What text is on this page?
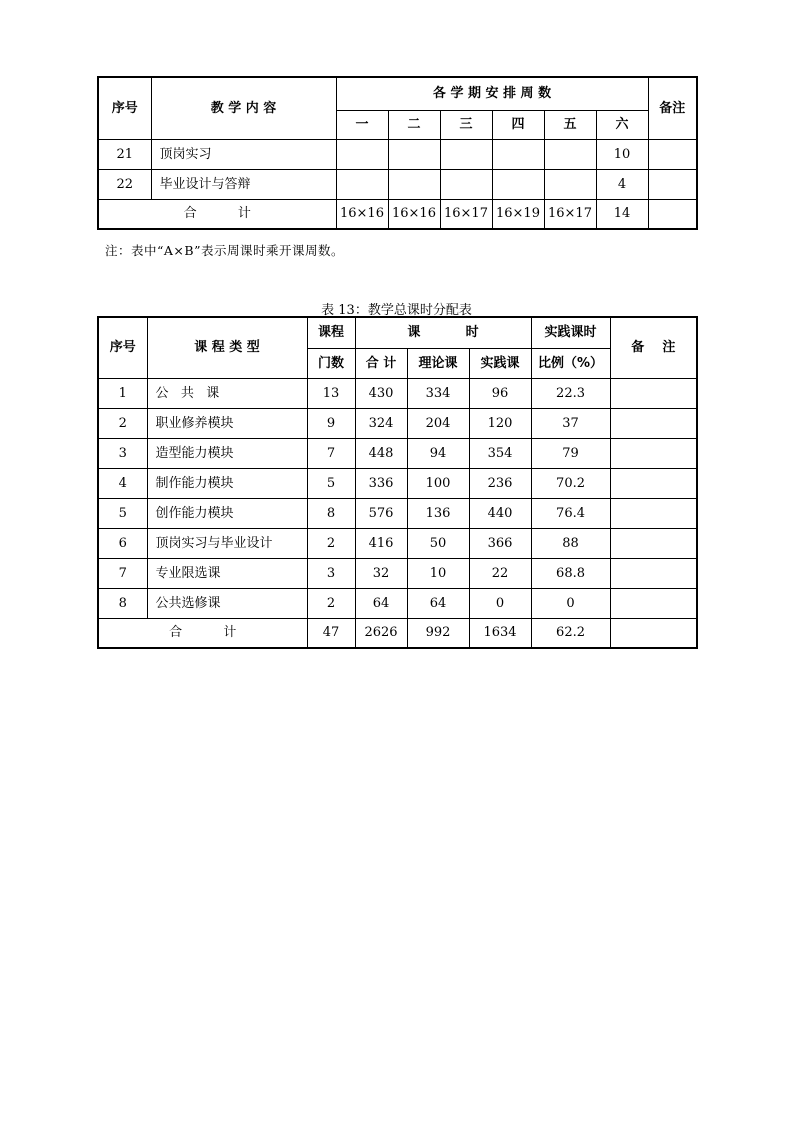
序号	教 学 内 容	各 学 期 安 排 周 数						备注
		一	二	三	四	五	六	
21	顶岗实习						10	
22	毕业设计与答辩						4	
合          计		16×16	16×16	16×17	16×19	16×17	14	
注：表中“A×B”表示周课时乘开课周数。
表 13：教学总课时分配表
序号	课 程 类 型	课程	课          时			实践课时	备    注
		门数	合 计	理论课	实践课	比例（%）	
1	公   共   课	13	430	334	96	22.3	
2	职业修养模块	9	324	204	120	37	
3	造型能力模块	7	448	94	354	79	
4	制作能力模块	5	336	100	236	70.2	
5	创作能力模块	8	576	136	440	76.4	
6	顶岗实习与毕业设计	2	416	50	366	88	
7	专业限选课	3	32	10	22	68.8	
8	公共选修课	2	64	64	0	0	
合          计		47	2626	992	1634	62.2	
